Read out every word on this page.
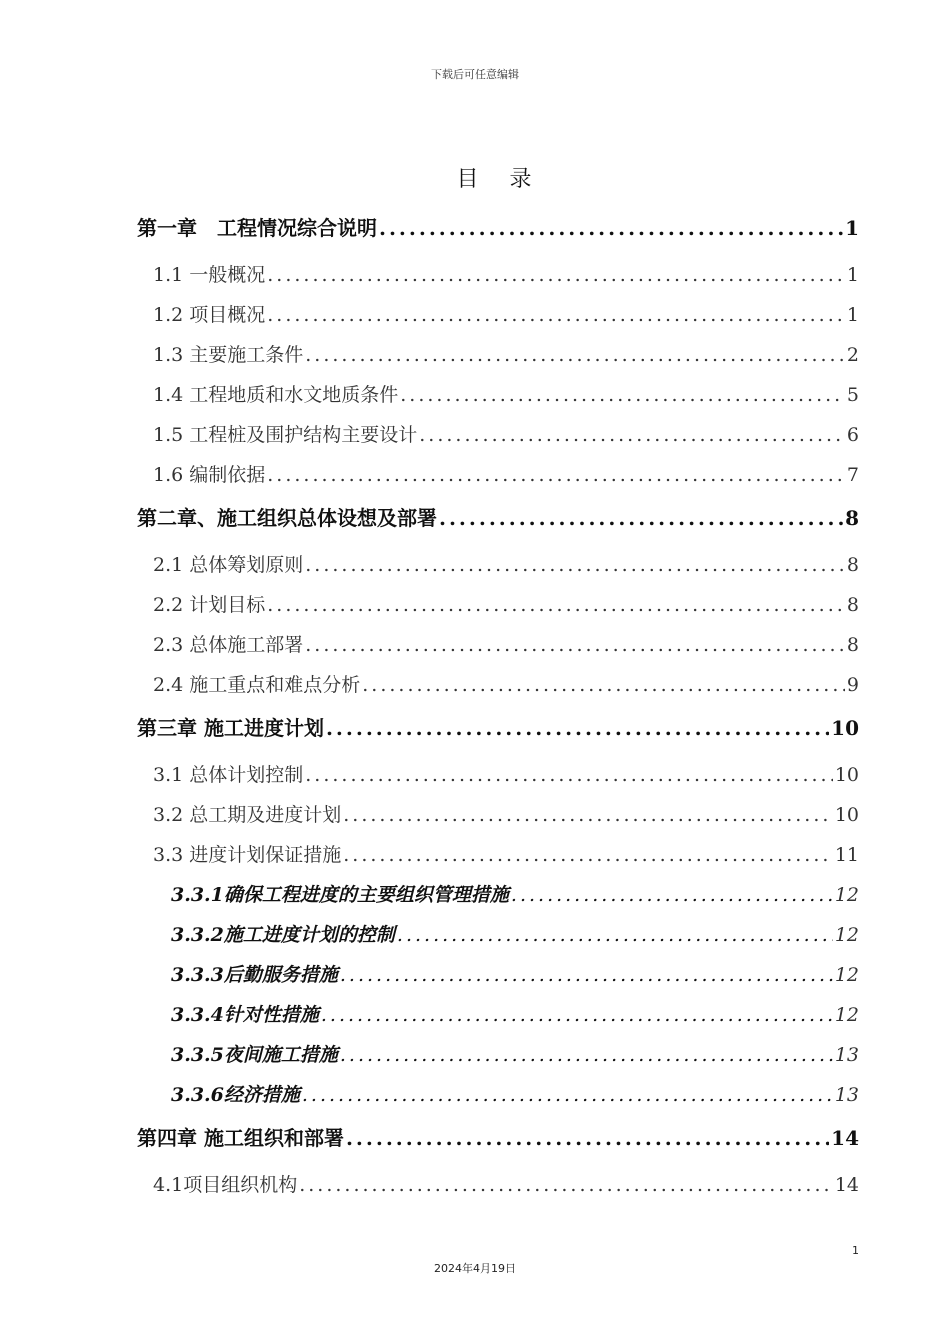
下载后可任意编辑
目 录
第一章　工程情况综合说明 .....	1
1.1 一般概况 .....	1
1.2 项目概况 .....	1
1.3 主要施工条件 .....	2
1.4 工程地质和水文地质条件 .....	5
1.5 工程桩及围护结构主要设计 .....	6
1.6 编制依据 .....	7
第二章、施工组织总体设想及部署 .....	8
2.1 总体筹划原则 .....	8
2.2 计划目标 .....	8
2.3 总体施工部署 .....	8
2.4 施工重点和难点分析 .....	9
第三章 施工进度计划 .....	10
3.1 总体计划控制 .....	10
3.2 总工期及进度计划 .....	10
3.3 进度计划保证措施 .....	11
3.3.1确保工程进度的主要组织管理措施 .....	12
3.3.2施工进度计划的控制 .....	12
3.3.3后勤服务措施 .....	12
3.3.4针对性措施 .....	12
3.3.5夜间施工措施 .....	13
3.3.6经济措施 .....	13
第四章 施工组织和部署 .....	14
4.1项目组织机构 .....	14
1
2024年4月19日
